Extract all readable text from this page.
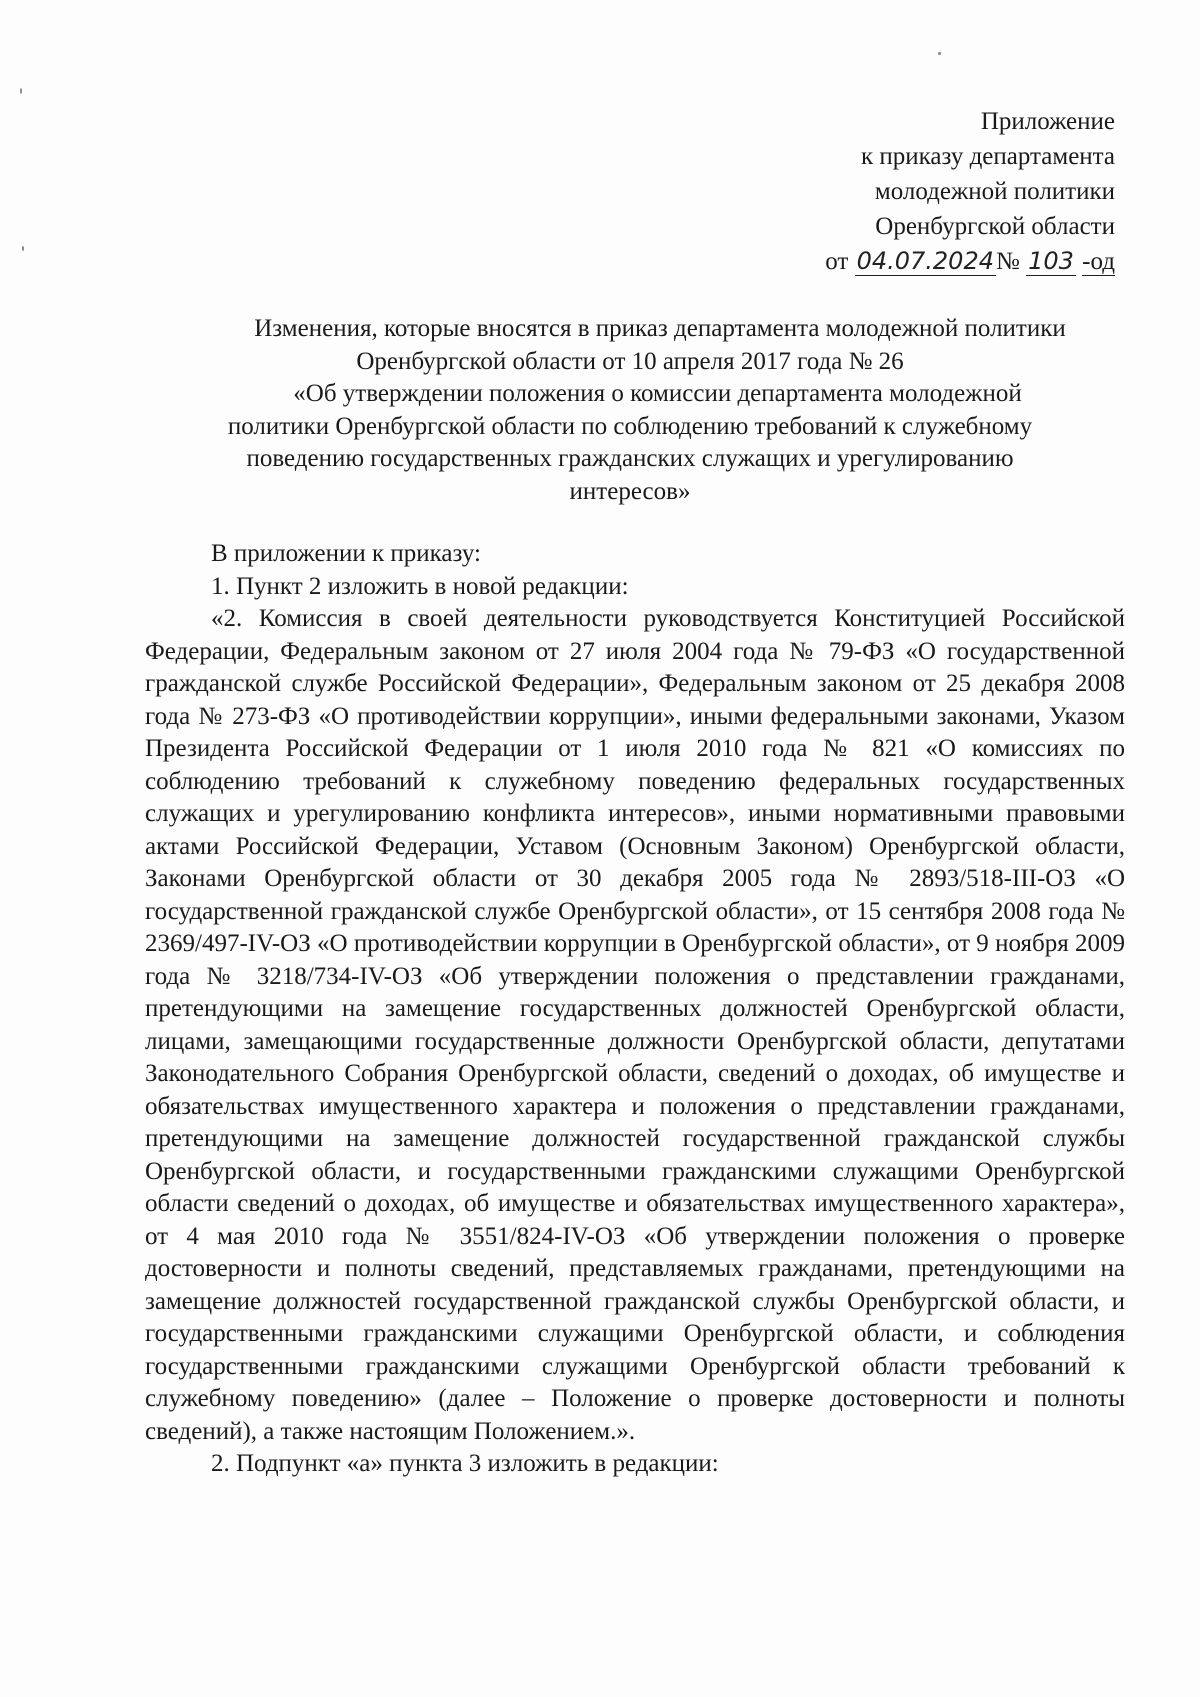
Приложение
к приказу департамента
молодежной политики
Оренбургской области
от 04.07.2024№ 103 -од
Изменения, которые вносятся в приказ департамента молодежной политики
Оренбургской области от 10 апреля 2017 года № 26
«Об утверждении положения о комиссии департамента молодежной
политики Оренбургской области по соблюдению требований к служебному
поведению государственных гражданских служащих и урегулированию
интересов»

В приложении к приказу:

1. Пункт 2 изложить в новой редакции:

«2. Комиссия в своей деятельности руководствуется Конституцией Российской Федерации, Федеральным законом от 27 июля 2004 года № 79-ФЗ «О государственной гражданской службе Российской Федерации», Федеральным законом от 25 декабря 2008 года № 273-ФЗ «О противодействии коррупции», иными федеральными законами, Указом Президента Российской Федерации от 1 июля 2010 года № 821 «О комиссиях по соблюдению требований к служебному поведению федеральных государственных служащих и урегулированию конфликта интересов», иными нормативными правовыми актами Российской Федерации, Уставом (Основным Законом) Оренбургской области, Законами Оренбургской области от 30 декабря 2005 года № 2893/518-III-ОЗ «О государственной гражданской службе Оренбургской области», от 15 сентября 2008 года № 2369/497-IV-ОЗ «О противодействии коррупции в Оренбургской области», от 9 ноября 2009 года № 3218/734-IV-ОЗ «Об утверждении положения о представлении гражданами, претендующими на замещение государственных должностей Оренбургской области, лицами, замещающими государственные должности Оренбургской области, депутатами Законодательного Собрания Оренбургской области, сведений о доходах, об имуществе и обязательствах имущественного характера и положения о представлении гражданами, претендующими на замещение должностей государственной гражданской службы Оренбургской области, и государственными гражданскими служащими Оренбургской области сведений о доходах, об имуществе и обязательствах имущественного характера», от 4 мая 2010 года № 3551/824-IV-ОЗ «Об утверждении положения о проверке достоверности и полноты сведений, представляемых гражданами, претендующими на замещение должностей государственной гражданской службы Оренбургской области, и государственными гражданскими служащими Оренбургской области, и соблюдения государственными гражданскими служащими Оренбургской области требований к служебному поведению» (далее – Положение о проверке достоверности и полноты сведений), а также настоящим Положением.».

2. Подпункт «а» пункта 3 изложить в редакции:
